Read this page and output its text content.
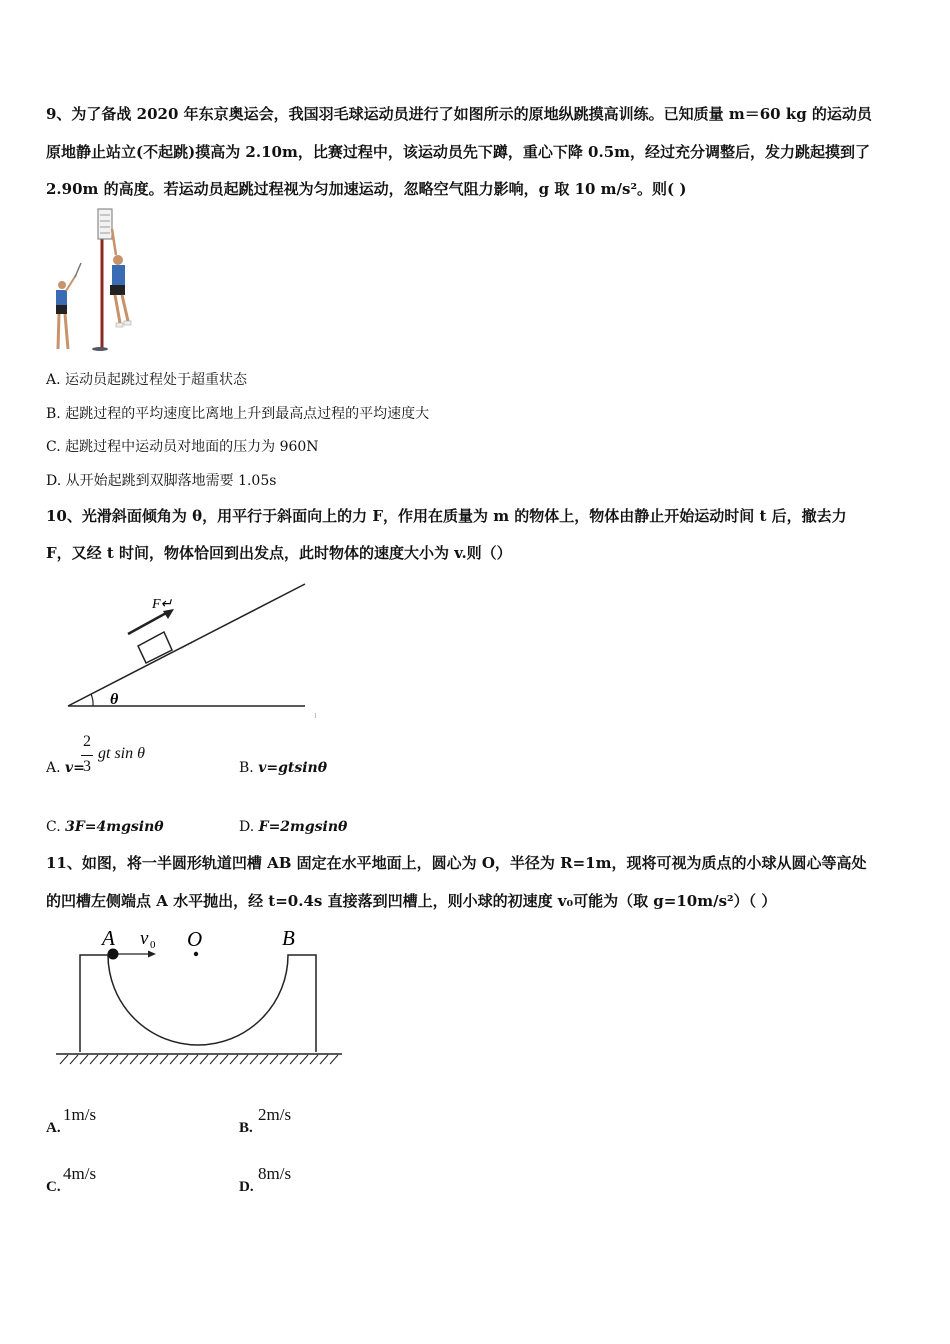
9、为了备战 2020 年东京奥运会，我国羽毛球运动员进行了如图所示的原地纵跳摸高训练。已知质量 m＝60 kg 的运动员
原地静止站立(不起跳)摸高为 2.10m，比赛过程中，该运动员先下蹲，重心下降 0.5m，经过充分调整后，发力跳起摸到了
2.90m 的高度。若运动员起跳过程视为匀加速运动，忽略空气阻力影响，g 取 10 m/s²。则( )
A. 运动员起跳过程处于超重状态
B. 起跳过程的平均速度比离地上升到最高点过程的平均速度大
C. 起跳过程中运动员对地面的压力为 960N
D. 从开始起跳到双脚落地需要 1.05s
10、光滑斜面倾角为 θ，用平行于斜面向上的力 F，作用在质量为 m 的物体上，物体由静止开始运动时间 t 后，撤去力
F，又经 t 时间，物体恰回到出发点，此时物体的速度大小为 v.则（）
θ
F↵
··· · · ·
ı
A. v=
2
3
gt sin θ
B. v=gtsinθ
C. 3F=4mgsinθ	D. F=2mgsinθ
11、如图，将一半圆形轨道凹槽 AB 固定在水平地面上，圆心为 O，半径为 R=1m，现将可视为质点的小球从圆心等高处
的凹槽左侧端点 A 水平抛出，经 t=0.4s 直接落到凹槽上，则小球的初速度 v₀可能为（取 g=10m/s²）（ ）
A v 0 O	B
A.
1m/s
B.
2m/s
C.
4m/s
D.
8m/s
